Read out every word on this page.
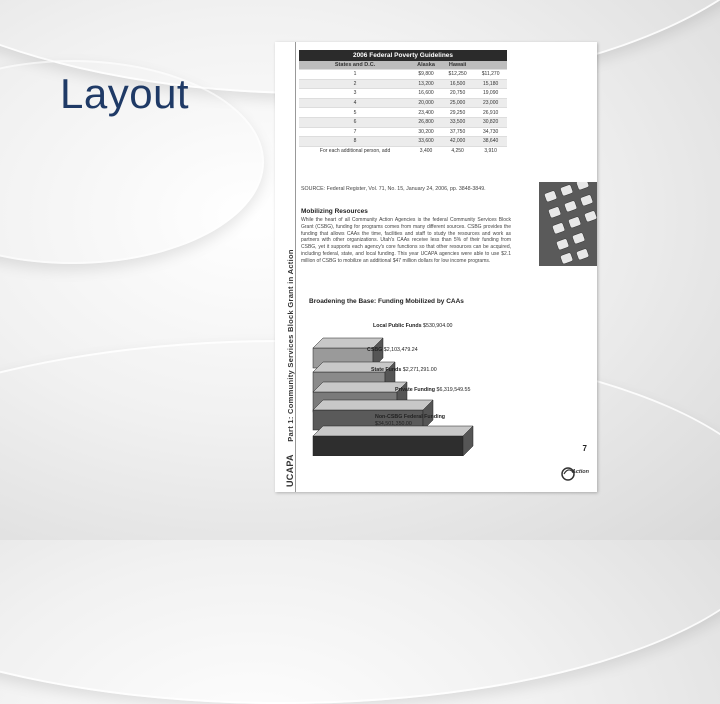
Layout
UCAPA Part 1: Community Services Block Grant in Action
2006 Federal Poverty Guidelines			
States and D.C.	Alaska	Hawaii	
1	$9,800	$12,250	$11,270
2	13,200	16,500	15,180
3	16,600	20,750	19,090
4	20,000	25,000	23,000
5	23,400	29,250	26,910
6	26,800	33,500	30,820
7	30,200	37,750	34,730
8	33,600	42,000	38,640
For each additional person, add	3,400	4,250	3,910
SOURCE: Federal Register, Vol. 71, No. 15, January 24, 2006, pp. 3848-3849.
Mobilizing Resources
While the heart of all Community Action Agencies is the federal Community Services Block Grant (CSBG), funding for programs comes from many different sources. CSBG provides the funding that allows CAAs the time, facilities and staff to study the resources and work as partners with other organizations. Utah's CAAs receive less than 5% of their funding from CSBG, yet it supports each agency's core functions so that other resources can be acquired, including federal, state, and local funding. This year UCAPA agencies were able to use $2.1 million of CSBG to mobilize an additional $47 million dollars for low income programs.
Broadening the Base: Funding Mobilized by CAAs
Local Public Funds $530,904.00
CSBG $2,103,479.24
State Funds $2,271,291.00
Private Funding $6,319,549.55
Non-CSBG Federal Funding
$34,501,350.00
7
Action
